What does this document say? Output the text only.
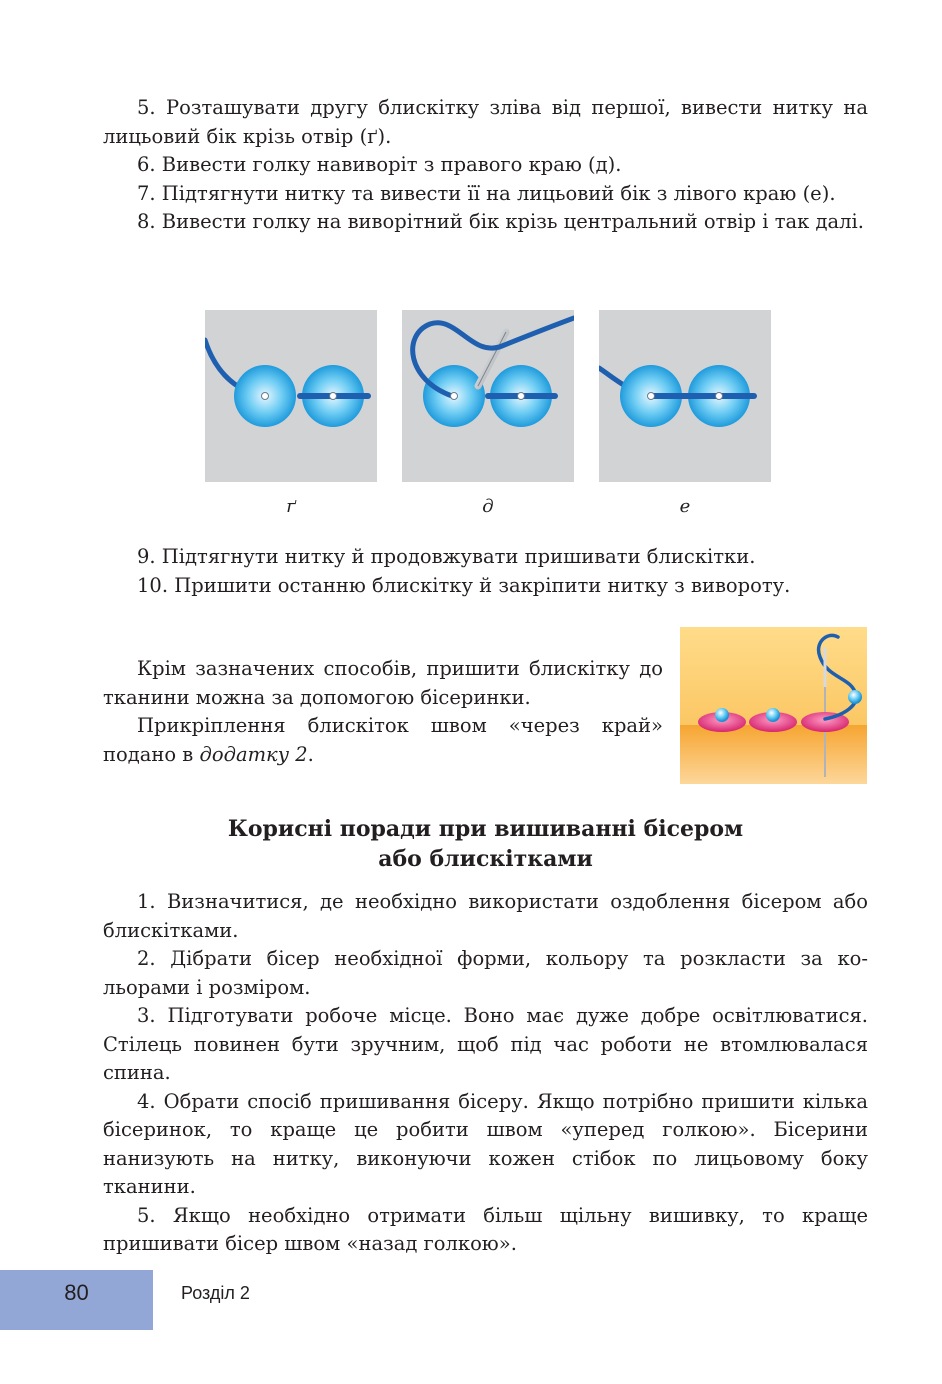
5. Розташувати другу блискітку зліва від першої, вивести нитку на лицьовий бік крізь отвір (ґ).

6. Вивести голку навиворіт з правого краю (д).

7. Підтягнути нитку та вивести її на лицьовий бік з лівого краю (е).

8. Вивести голку на виворітний бік крізь центральний отвір і так далі.

ґ	д	е

9. Підтягнути нитку й продовжувати пришивати блискітки.

10. Пришити останню блискітку й закріпити нитку з вивороту.

Крім зазначених способів, пришити блискітку до тканини можна за допомогою бісеринки.

Прикріплення блискіток швом «через край» подано в додатку 2.

Корисні поради при вишиванні бісером
або блискітками

1. Визначитися, де необхідно використати оздоблення бісером або блискітками.

2. Дібрати бісер необхідної форми, кольору та розкласти за кольорами і розміром.

3. Підготувати робоче місце. Воно має дуже добре освітлюватися. Стілець повинен бути зручним, щоб під час роботи не втомлювалася спина.

4. Обрати спосіб пришивання бісеру. Якщо потрібно пришити кілька бісеринок, то краще це робити швом «уперед голкою». Бісерини нанизують на нитку, виконуючи кожен стібок по лицьовому боку тканини.

5. Якщо необхідно отримати більш щільну вишивку, то краще пришивати бісер швом «назад голкою».

80	Розділ 2
